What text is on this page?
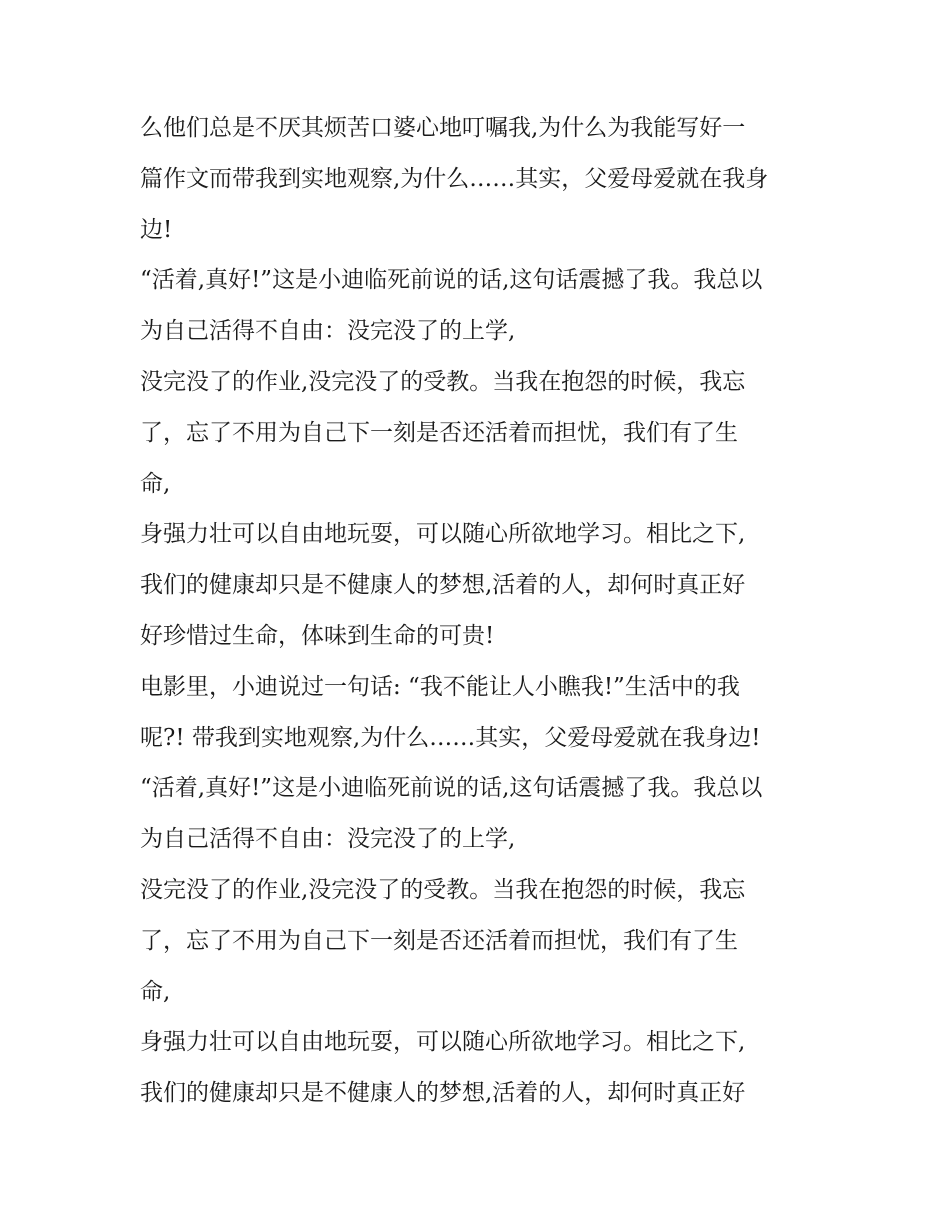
么他们总是不厌其烦苦口婆心地叮嘱我,为什么为我能写好一
篇作文而带我到实地观察,为什么……其实，父爱母爱就在我身
边!
“活着,真好!”这是小迪临死前说的话,这句话震撼了我。我总以
为自己活得不自由：没完没了的上学,
没完没了的作业,没完没了的受教。当我在抱怨的时候，我忘
了，忘了不用为自己下一刻是否还活着而担忧，我们有了生
命,
身强力壮可以自由地玩耍，可以随心所欲地学习。相比之下,
我们的健康却只是不健康人的梦想,活着的人，却何时真正好
好珍惜过生命，体味到生命的可贵!
电影里，小迪说过一句话: “我不能让人小瞧我!”生活中的我
呢?! 带我到实地观察,为什么……其实，父爱母爱就在我身边!
“活着,真好!”这是小迪临死前说的话,这句话震撼了我。我总以
为自己活得不自由：没完没了的上学,
没完没了的作业,没完没了的受教。当我在抱怨的时候，我忘
了，忘了不用为自己下一刻是否还活着而担忧，我们有了生
命,
身强力壮可以自由地玩耍，可以随心所欲地学习。相比之下,
我们的健康却只是不健康人的梦想,活着的人，却何时真正好
